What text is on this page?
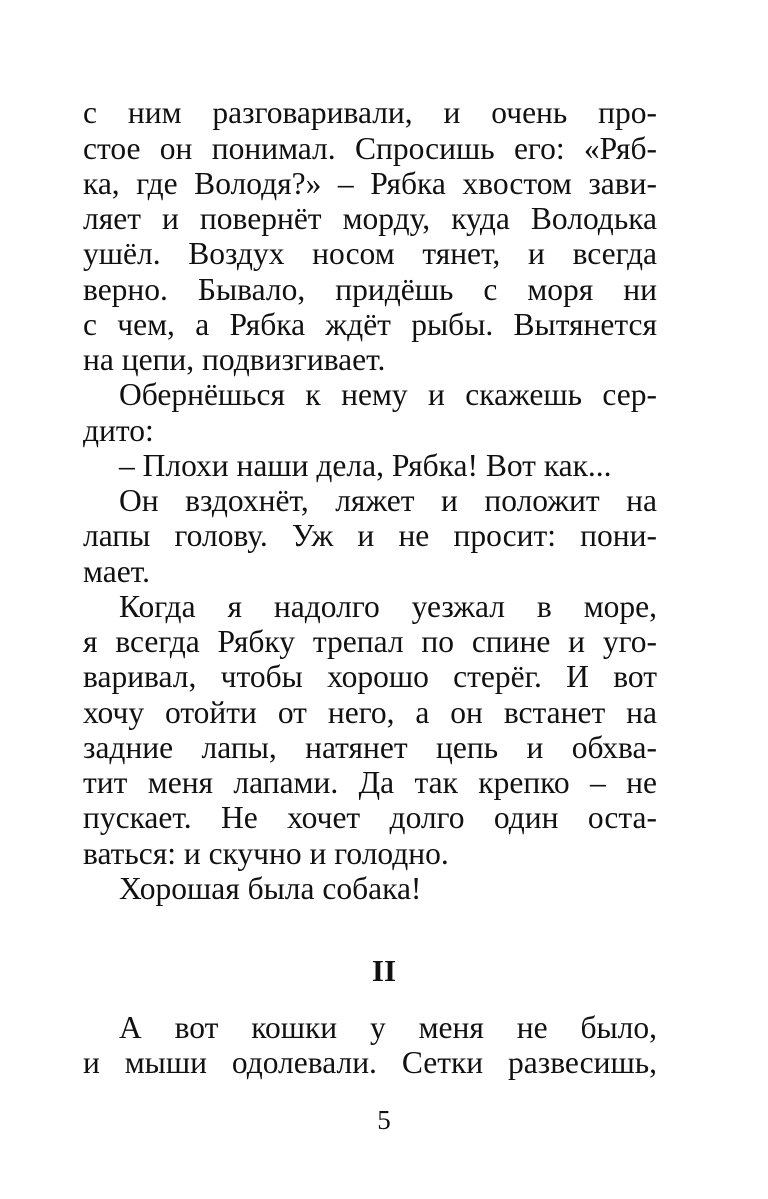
с ним разговаривали, и очень про-
стое он понимал. Спросишь его: «Ряб-
ка, где Володя?» – Рябка хвостом зави-
ляет и повернёт морду, куда Володька
ушёл. Воздух носом тянет, и всегда
верно. Бывало, придёшь с моря ни
с чем, а Рябка ждёт рыбы. Вытянется
на цепи, подвизгивает.
Обернёшься к нему и скажешь сер-
дито:
– Плохи наши дела, Рябка! Вот как...
Он вздохнёт, ляжет и положит на
лапы голову. Уж и не просит: пони-
мает.
Когда я надолго уезжал в море,
я всегда Рябку трепал по спине и уго-
варивал, чтобы хорошо стерёг. И вот
хочу отойти от него, а он встанет на
задние лапы, натянет цепь и обхва-
тит меня лапами. Да так крепко – не
пускает. Не хочет долго один оста-
ваться: и скучно и голодно.
Хорошая была собака!
II
А вот кошки у меня не было,
и мыши одолевали. Сетки развесишь,
5
